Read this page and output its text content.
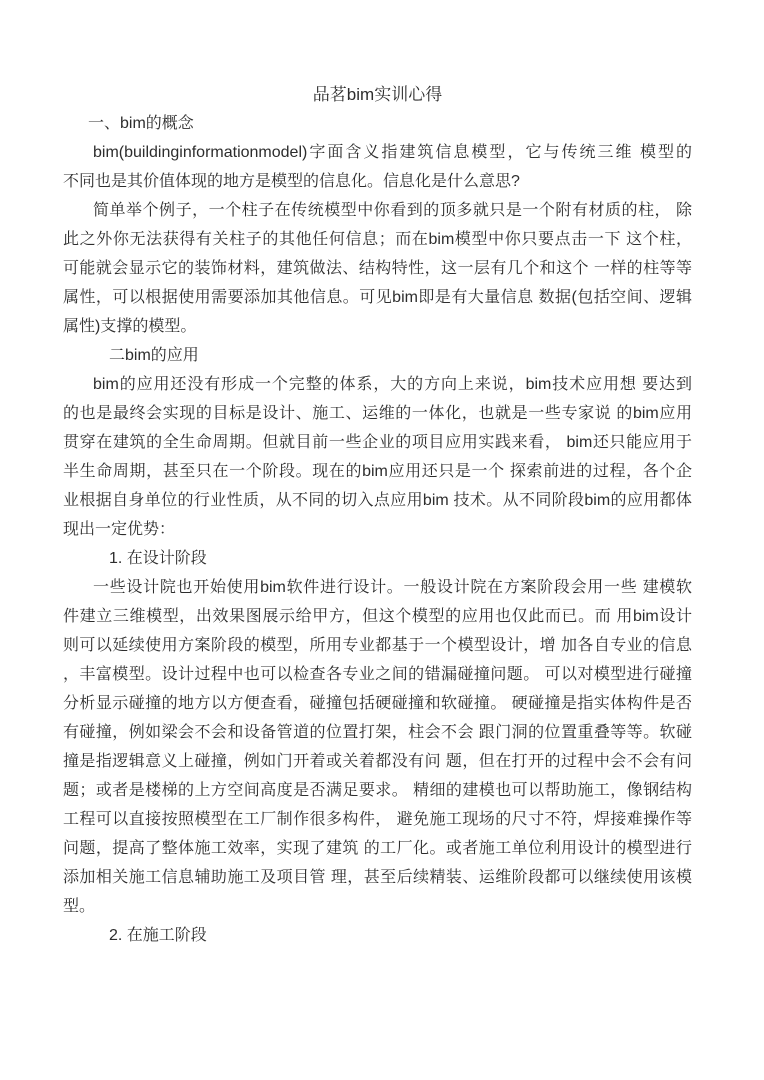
品茗bim实训心得
一、bim的概念
bim(buildinginformationmodel)字面含义指建筑信息模型，它与传统三维 模型的
不同也是其价值体现的地方是模型的信息化。信息化是什么意思?
简单举个例子，一个柱子在传统模型中你看到的顶多就只是一个附有材质的柱， 除
此之外你无法获得有关柱子的其他任何信息；而在bim模型中你只要点击一下 这个柱，
可能就会显示它的装饰材料，建筑做法、结构特性，这一层有几个和这个 一样的柱等等
属性，可以根据使用需要添加其他信息。可见bim即是有大量信息 数据(包括空间、逻辑
属性)支撑的模型。
二bim的应用
bim的应用还没有形成一个完整的体系，大的方向上来说，bim技术应用想 要达到
的也是最终会实现的目标是设计、施工、运维的一体化，也就是一些专家说 的bim应用
贯穿在建筑的全生命周期。但就目前一些企业的项目应用实践来看， bim还只能应用于
半生命周期，甚至只在一个阶段。现在的bim应用还只是一个 探索前进的过程，各个企
业根据自身单位的行业性质，从不同的切入点应用bim 技术。从不同阶段bim的应用都体
现出一定优势：
1. 在设计阶段
一些设计院也开始使用bim软件进行设计。一般设计院在方案阶段会用一些 建模软
件建立三维模型，出效果图展示给甲方，但这个模型的应用也仅此而已。而 用bim设计
则可以延续使用方案阶段的模型，所用专业都基于一个模型设计，增 加各自专业的信息
，丰富模型。设计过程中也可以检查各专业之间的错漏碰撞问题。 可以对模型进行碰撞
分析显示碰撞的地方以方便查看，碰撞包括硬碰撞和软碰撞。 硬碰撞是指实体构件是否
有碰撞，例如梁会不会和设备管道的位置打架，柱会不会 跟门洞的位置重叠等等。软碰
撞是指逻辑意义上碰撞，例如门开着或关着都没有问 题，但在打开的过程中会不会有问
题；或者是楼梯的上方空间高度是否满足要求。 精细的建模也可以帮助施工，像钢结构
工程可以直接按照模型在工厂制作很多构件， 避免施工现场的尺寸不符，焊接难操作等
问题，提高了整体施工效率，实现了建筑 的工厂化。或者施工单位利用设计的模型进行
添加相关施工信息辅助施工及项目管 理，甚至后续精装、运维阶段都可以继续使用该模
型。
2. 在施工阶段
